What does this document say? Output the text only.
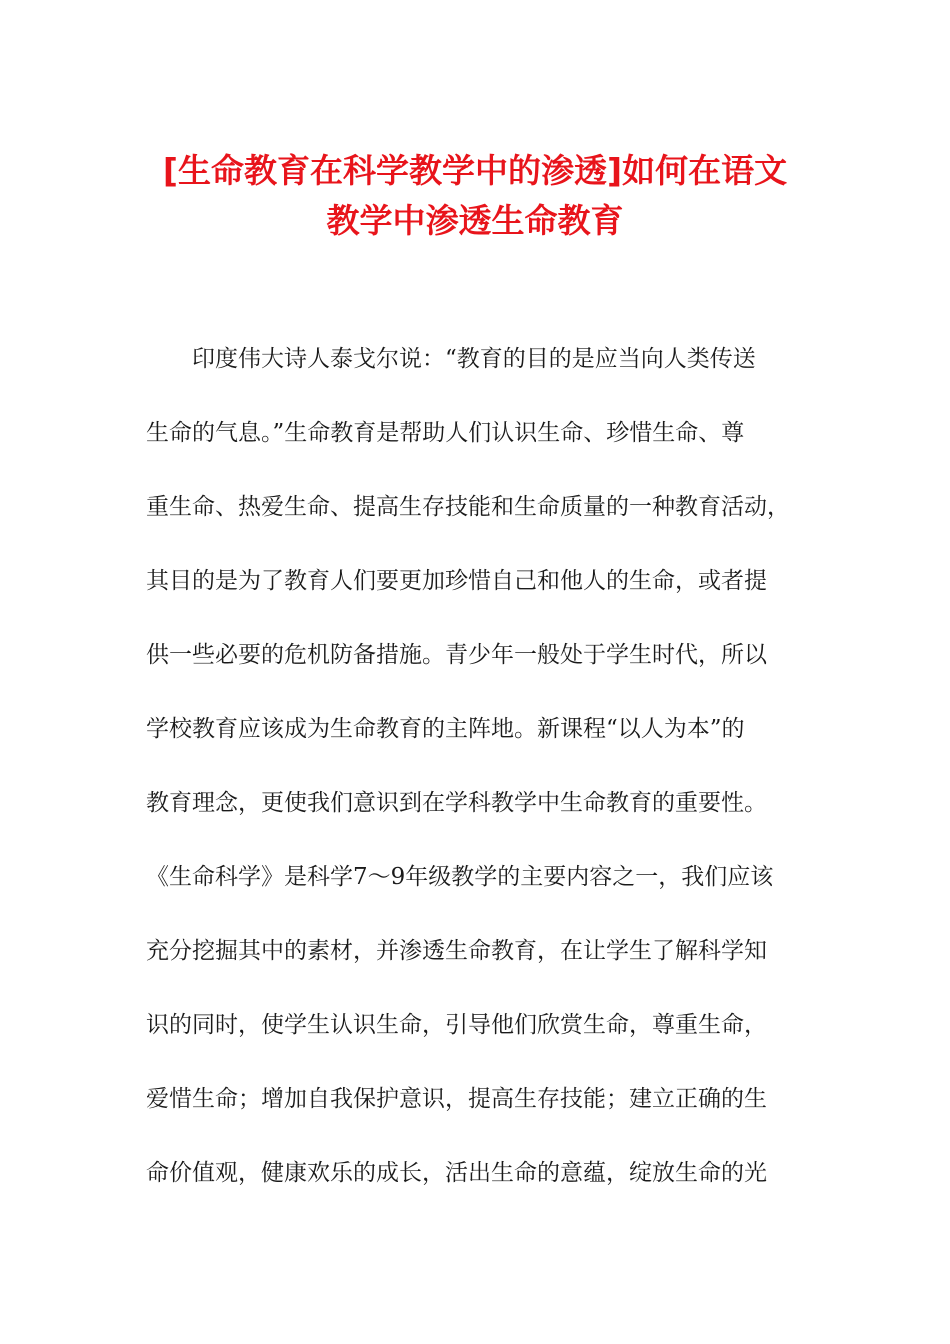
[生命教育在科学教学中的渗透]如何在语文
教学中渗透生命教育
印度伟大诗人泰戈尔说：“教育的目的是应当向人类传送
生命的气息。”生命教育是帮助人们认识生命、珍惜生命、尊
重生命、热爱生命、提高生存技能和生命质量的一种教育活动，
其目的是为了教育人们要更加珍惜自己和他人的生命，或者提
供一些必要的危机防备措施。青少年一般处于学生时代，所以
学校教育应该成为生命教育的主阵地。新课程“以人为本”的
教育理念，更使我们意识到在学科教学中生命教育的重要性。
《生命科学》是科学7～9年级教学的主要内容之一，我们应该
充分挖掘其中的素材，并渗透生命教育，在让学生了解科学知
识的同时，使学生认识生命，引导他们欣赏生命，尊重生命，
爱惜生命；增加自我保护意识，提高生存技能；建立正确的生
命价值观，健康欢乐的成长，活出生命的意蕴，绽放生命的光
